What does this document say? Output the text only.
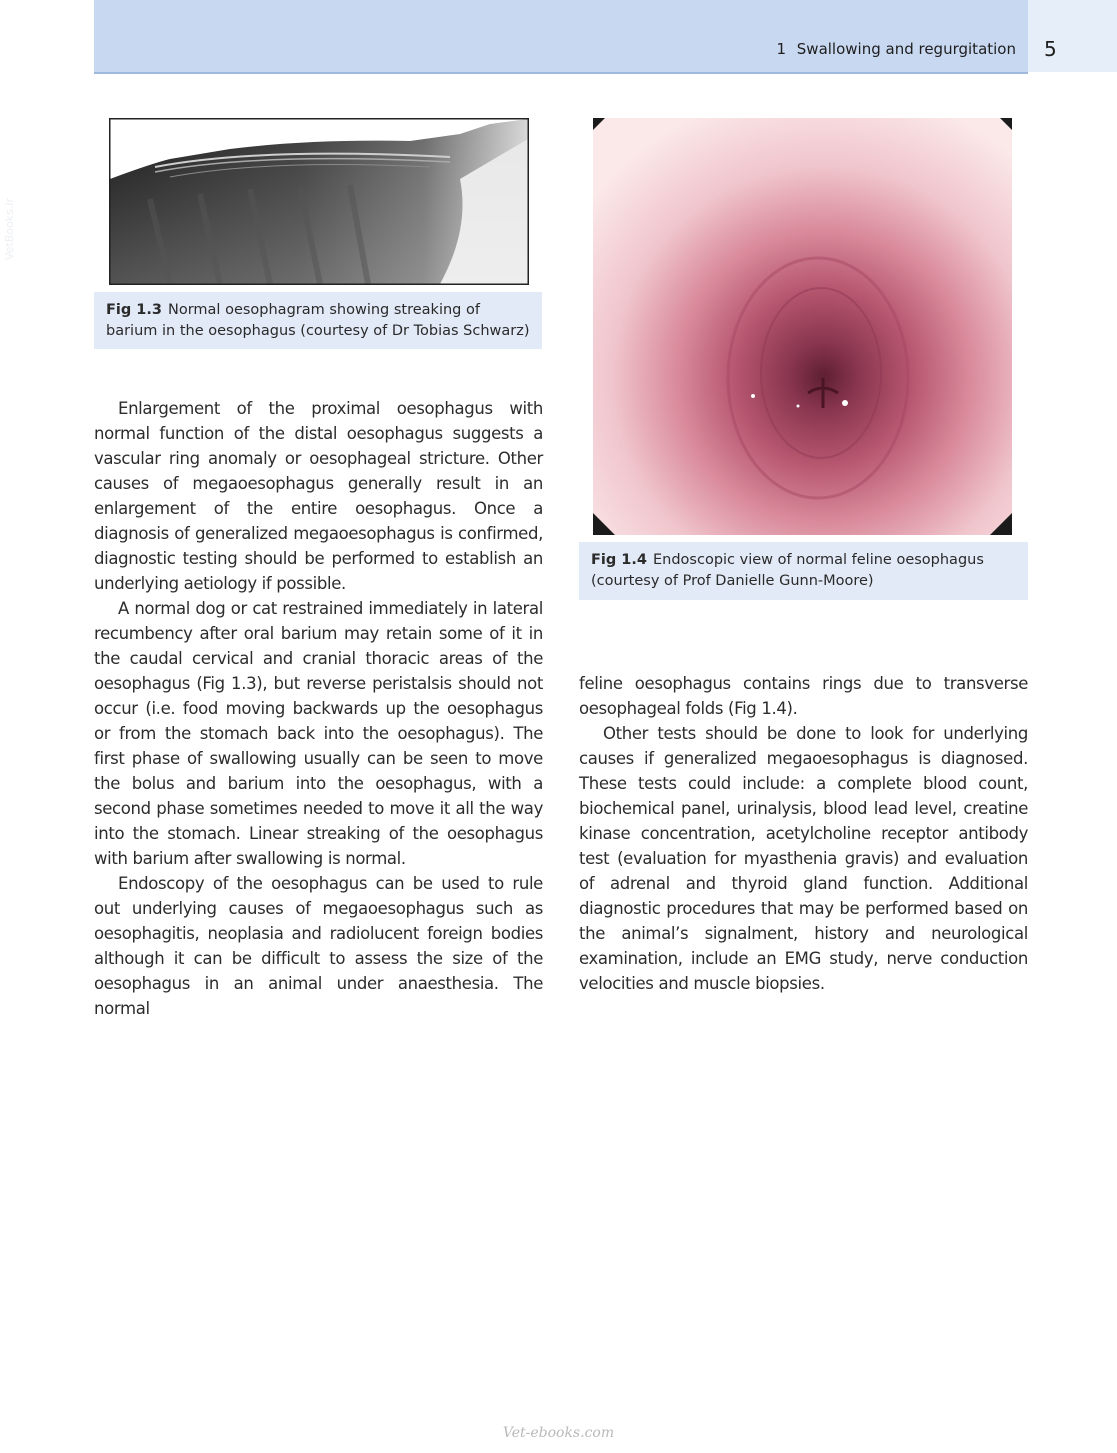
1 Swallowing and regurgitation 5
VetBooks.ir
Fig 1.3 Normal oesophagram showing streaking of barium in the oesophagus (courtesy of Dr Tobias Schwarz)
Fig 1.4 Endoscopic view of normal feline oesophagus (courtesy of Prof Danielle Gunn-Moore)

Enlargement of the proximal oesophagus with normal function of the distal oesophagus suggests a vascular ring anomaly or oesophageal stricture. Other causes of megaoesophagus generally result in an enlargement of the entire oesophagus. Once a diagnosis of generalized megaoesophagus is confirmed, diagnostic testing should be performed to establish an underlying aetiology if possible.

A normal dog or cat restrained immediately in lateral recumbency after oral barium may retain some of it in the caudal cervical and cranial thoracic areas of the oesophagus (Fig 1.3), but reverse peristalsis should not occur (i.e. food moving backwards up the oesophagus or from the stomach back into the oesophagus). The first phase of swallowing usually can be seen to move the bolus and barium into the oesophagus, with a second phase sometimes needed to move it all the way into the stomach. Linear streaking of the oesophagus with barium after swallowing is normal.

Endoscopy of the oesophagus can be used to rule out underlying causes of megaoesophagus such as oesophagitis, neoplasia and radiolucent foreign bodies although it can be difficult to assess the size of the oesophagus in an animal under anaesthesia. The normal

feline oesophagus contains rings due to transverse oesophageal folds (Fig 1.4).

Other tests should be done to look for underlying causes if generalized megaoesophagus is diagnosed. These tests could include: a complete blood count, biochemical panel, urinalysis, blood lead level, creatine kinase concentration, acetylcholine receptor antibody test (evaluation for myasthenia gravis) and evaluation of adrenal and thyroid gland function. Additional diagnostic procedures that may be performed based on the animal’s signalment, history and neurological examination, include an EMG study, nerve conduction velocities and muscle biopsies.

Vet-ebooks.com
